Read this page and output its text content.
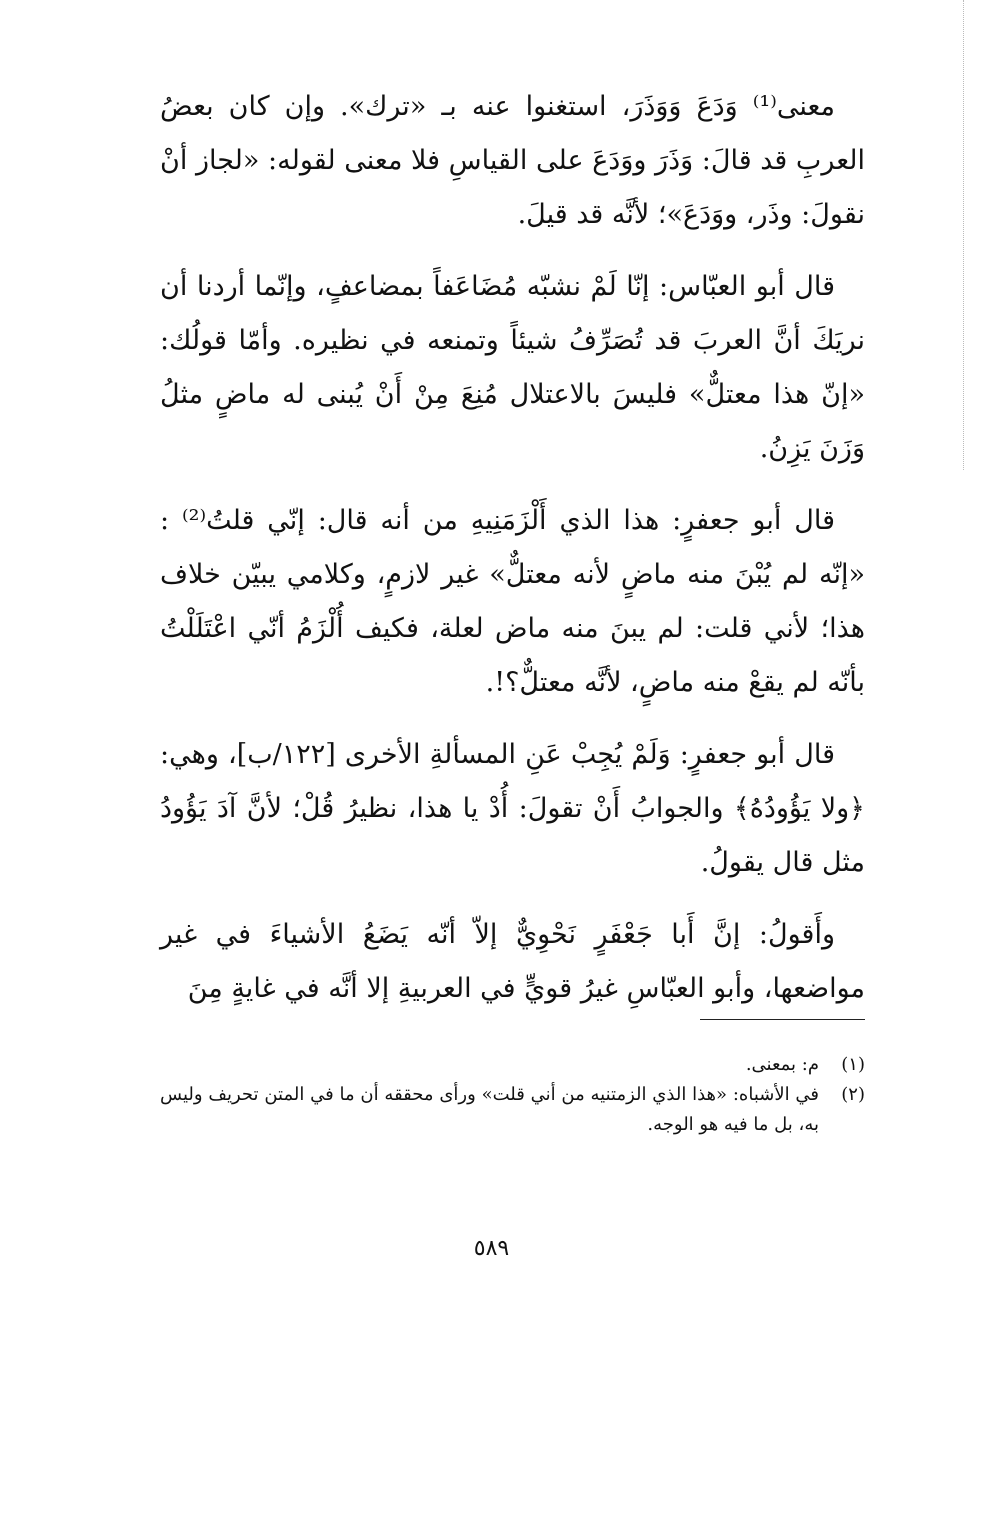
معنى⁽¹⁾ وَدَعَ وَوَذَرَ، استغنوا عنه بـ «ترك». وإن كان بعضُ العربِ قد قالَ: وَذَرَ ووَدَعَ على القياسِ فلا معنى لقوله: «لجاز أنْ نقولَ: وذَر، ووَدَعَ»؛ لأنَّه قد قيلَ.

قال أبو العبّاس: إنّا لَمْ نشبّه مُضَاعَفاً بمضاعفٍ، وإنّما أردنا أن نريَكَ أنَّ العربَ قد تُصَرِّفُ شيئاً وتمنعه في نظيره. وأمّا قولُك: «إنّ هذا معتلٌّ» فليسَ بالاعتلال مُنِعَ مِنْ أَنْ يُبنى له ماضٍ مثلُ وَزَنَ يَزِنُ.

قال أبو جعفرٍ: هذا الذي أَلْزَمَنِيهِ من أنه قال: إنّي قلتُ⁽²⁾ : «إنّه لم يُبْنَ منه ماضٍ لأنه معتلٌّ» غير لازمٍ، وكلامي يبيّن خلاف هذا؛ لأني قلت: لم يبنَ منه ماض لعلة، فكيف أُلْزَمُ أنّي اعْتَلَلْتُ بأنّه لم يقعْ منه ماضٍ، لأنَّه معتلٌّ؟!.

قال أبو جعفرٍ: وَلَمْ يُجِبْ عَنِ المسألةِ الأخرى [١٢٢/ب]، وهي: ﴿ولا يَؤُودُهُ﴾ والجوابُ أَنْ تقولَ: أُدْ يا هذا، نظيرُ قُلْ؛ لأنَّ آدَ يَؤُودُ مثل قال يقولُ.

وأَقولُ: إنَّ أَبا جَعْفَرٍ نَحْوِيٌّ إلاّ أنّه يَضَعُ الأشياءَ في غير مواضعها، وأبو العبّاسِ غيرُ قويٍّ في العربيةِ إلا أنَّه في غايةٍ مِنَ

(١)
م: بمعنى.
(٢)
في الأشباه: «هذا الذي الزمتنيه من أني قلت» ورأى محققه أن ما في المتن تحريف وليس به، بل ما فيه هو الوجه.
٥٨٩
